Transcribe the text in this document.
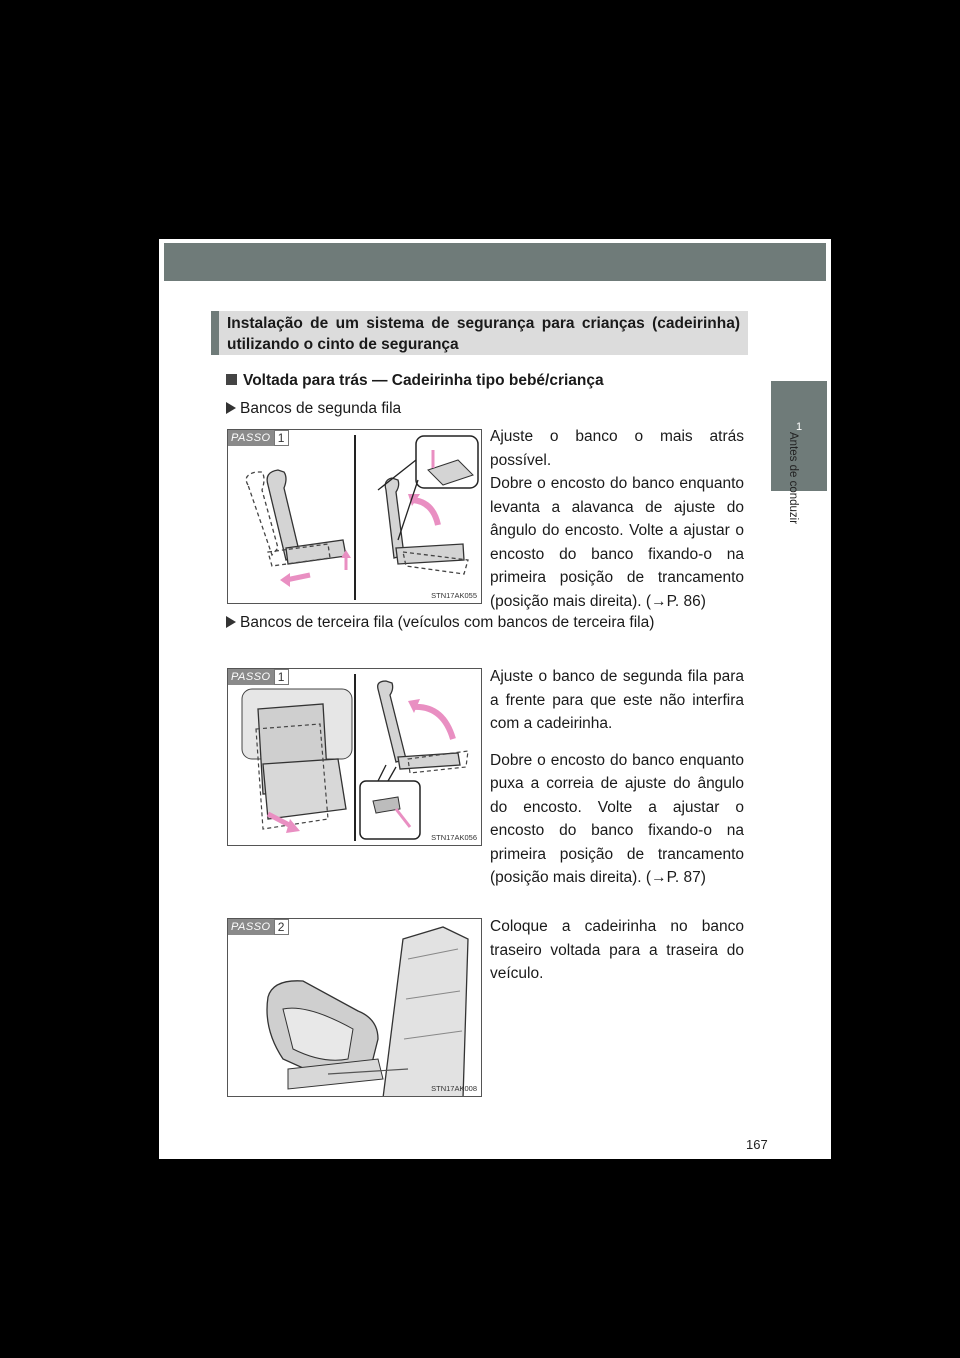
1
Antes de conduzir
Instalação de um sistema de segurança para crianças (cadeirinha) utilizando o cinto de segurança
Voltada para trás — Cadeirinha tipo bebé/criança
Bancos de segunda fila
PASSO 1
STN17AK055

Ajuste o banco o mais atrás possível.

Dobre o encosto do banco enquanto levanta a alavanca de ajuste do ângulo do encosto. Volte a ajustar o encosto do banco fixando-o na primeira posição de trancamento (posição mais direita). (→P. 86)

Bancos de terceira fila (veículos com bancos de terceira fila)
PASSO 1
STN17AK056

Ajuste o banco de segunda fila para a frente para que este não interfira com a cadeirinha.

Dobre o encosto do banco enquanto puxa a correia de ajuste do ângulo do encosto. Volte a ajustar o encosto do banco fixando-o na primeira posição de trancamento (posição mais direita). (→P. 87)

PASSO 2
STN17AK008

Coloque a cadeirinha no banco traseiro voltada para a traseira do veículo.

167
